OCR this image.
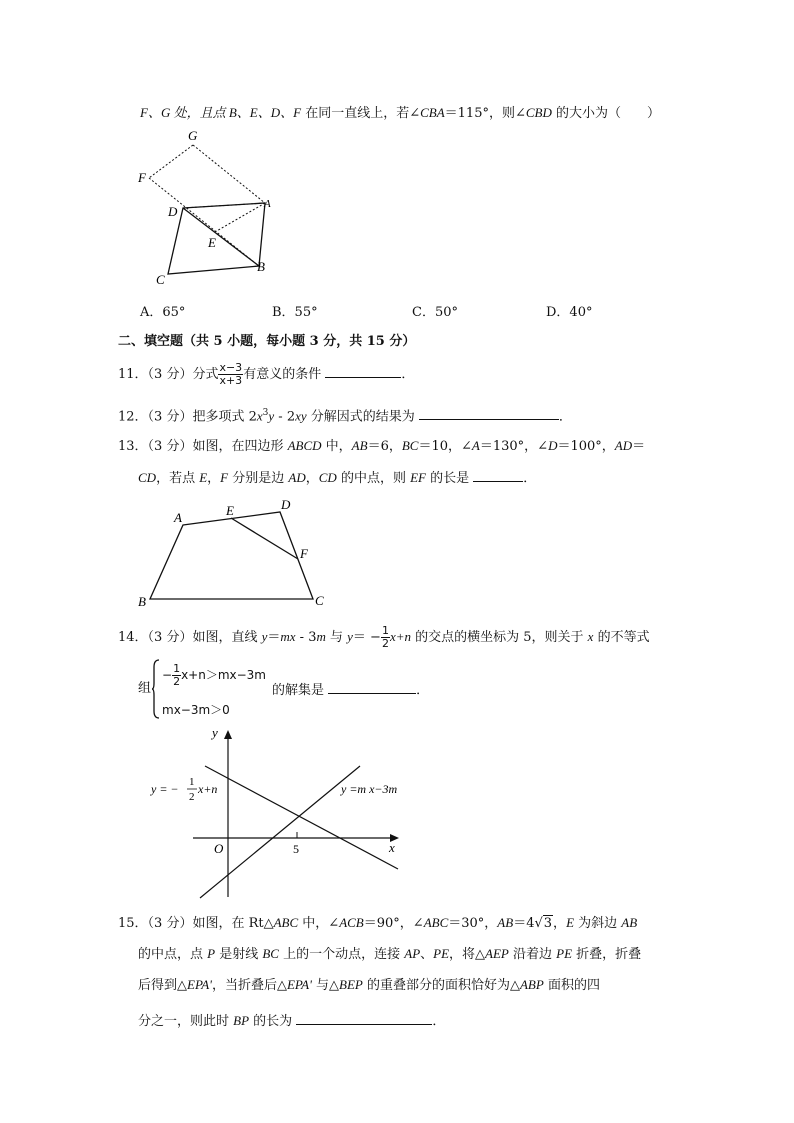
F、G 处，且点 B、E、D、F 在同一直线上，若∠CBA＝115°，则∠CBD 的大小为（　　）
G
F
D	A
E
C
B
A．65°	B．55°	C．50°	D．40°
二、填空题（共 5 小题，每小题 3 分，共 15 分）
11．（3 分）分式 $\frac{x-3}{x+3}$ 有意义的条件	．
12．（3 分）把多项式 $2x^3y - 2xy$ 分解因式的结果为	．
13．（3 分）如图，在四边形 ABCD 中，AB＝6，BC＝10，∠A＝130°，∠D＝100°，AD＝
CD，若点 E，F 分别是边 AD，CD 的中点，则 EF 的长是	．
A	E	D
F
B	C
14．（3 分）如图，直线 y＝mx - 3m 与 $y= - \frac{1}{2} x+n$ 的交点的横坐标为 5，则关于 x 的不等式
组
− $\frac{1}{2} x+n>mx-3m$
mx−3m＞0
的解集是	．
y
x
O	5
y = − 1
2
x+n	y =m x−3m
15．（3 分）如图，在 Rt△ABC 中，∠ACB＝90°，∠ABC＝30°，AB＝4√3，E 为斜边 AB
的中点，点 P 是射线 BC 上的一个动点，连接 AP、PE，将△AEP 沿着边 PE 折叠，折叠
后得到△EPA'，当折叠后△EPA' 与△BEP 的重叠部分的面积恰好为△ABP 面积的四
分之一，则此时 BP 的长为	．
